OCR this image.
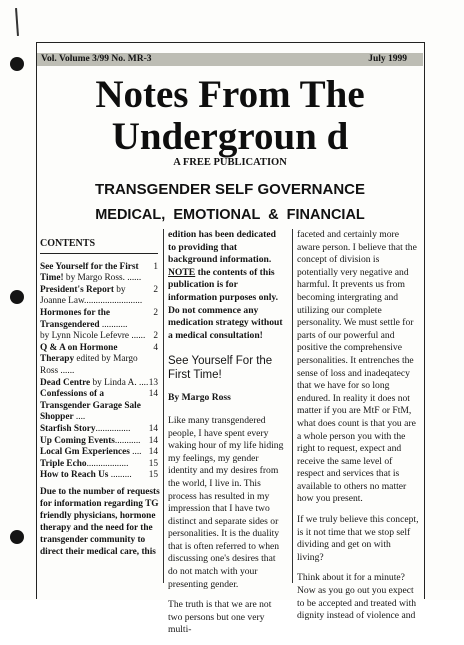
Vol. Volume 3/99 No. MR-3	July 1999
Notes From The
Undergroun d
A FREE PUBLICATION
TRANSGENDER SELF GOVERNANCE
MEDICAL,  EMOTIONAL  &  FINANCIAL
CONTENTS
1
See Yourself for the First Time! by Margo Ross. ......
2
President's Report by Joanne Law.........................
2
Hormones for the Transgendered ...........
2
by Lynn Nicole Lefevre ......
4
Q & A on Hormone Therapy edited by Margo Ross ......
13
Dead Centre by Linda A. ....
14
Confessions of a Transgender Garage Sale Shopper ....
14
Starfish Story...............
14
Up Coming Events...........
14
Local Gm Experiences ....
15
Triple Echo..................
15
How to Reach Us .........
Due to the number of requests for information regarding TG friendly physicians, hormone therapy and the need for the transgender community to direct their medical care, this

edition has been dedicated to providing that background information. NOTE the contents of this publication is for information purposes only. Do not commence any medication strategy without a medical consultation!

See Yourself For the First Time!
By Margo Ross

Like many transgendered people, I have spent every waking hour of my life hiding my feelings, my gender identity and my desires from the world, I live in. This process has resulted in my impression that I have two distinct and separate sides or personalities. It is the duality that is often referred to when discussing one's desires that do not match with your presenting gender.

The truth is that we are not two persons but one very multi-

faceted and certainly more aware person. I believe that the concept of division is potentially very negative and harmful. It prevents us from becoming intergrating and utilizing our complete personality. We must settle for parts of our powerful and positive the comprehensive personalities. It entrenches the sense of loss and inadeqatecy that we have for so long endured. In reality it does not matter if you are MtF or FtM, what does count is that you are a whole person you with the right to request, expect and receive the same level of respect and services that is available to others no matter how you present.

If we truly believe this concept, is it not time that we stop self dividing and get on with living?

Think about it for a minute? Now as you go out you expect to be accepted and treated with dignity instead of violence and
